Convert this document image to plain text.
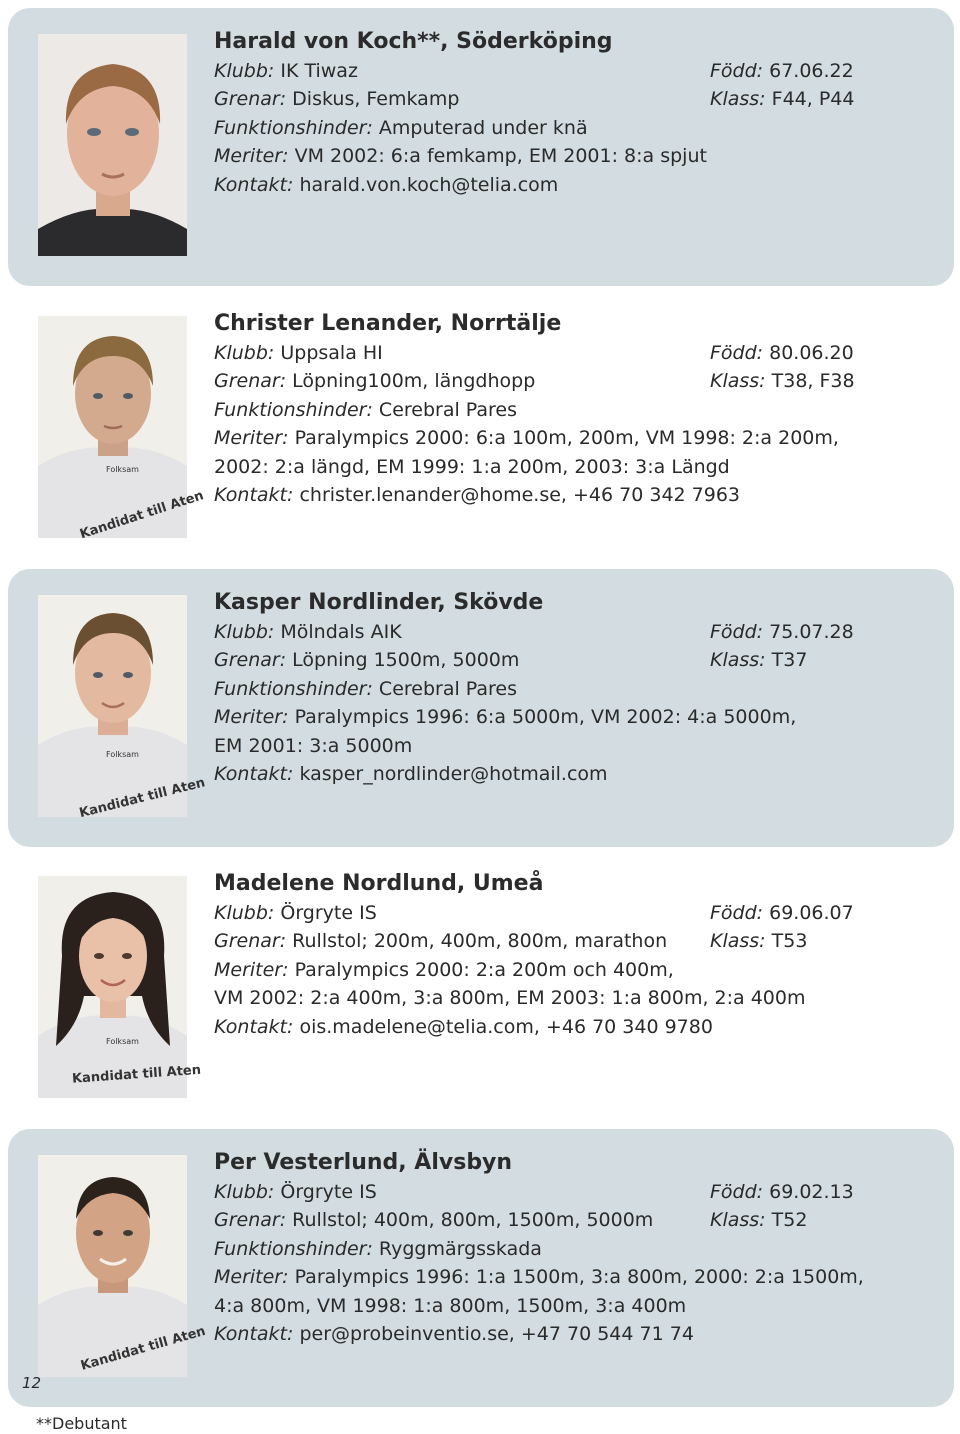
Harald von Koch**, Söderköping
Klubb: IK Tiwaz	Född: 67.06.22
Grenar: Diskus, Femkamp	Klass: F44, P44
Funktionshinder: Amputerad under knä
Meriter: VM 2002: 6:a femkamp, EM 2001: 8:a spjut
Kontakt: harald.von.koch@telia.com
Folksam
Kandidat till Aten
Christer Lenander, Norrtälje
Klubb: Uppsala HI	Född: 80.06.20
Grenar: Löpning100m, längdhopp	Klass: T38, F38
Funktionshinder: Cerebral Pares
Meriter: Paralympics 2000: 6:a 100m, 200m, VM 1998: 2:a 200m,
2002: 2:a längd, EM 1999: 1:a 200m, 2003: 3:a Längd
Kontakt: christer.lenander@home.se, +46 70 342 7963
Folksam
Kandidat till Aten
Kasper Nordlinder, Skövde
Klubb: Mölndals AIK	Född: 75.07.28
Grenar: Löpning 1500m, 5000m	Klass: T37
Funktionshinder: Cerebral Pares
Meriter: Paralympics 1996: 6:a 5000m, VM 2002: 4:a 5000m,
EM 2001: 3:a 5000m
Kontakt: kasper_nordlinder@hotmail.com
Folksam
Kandidat till Aten
Madelene Nordlund, Umeå
Klubb: Örgryte IS	Född: 69.06.07
Grenar: Rullstol; 200m, 400m, 800m, marathon Klass: T53
Meriter: Paralympics 2000: 2:a 200m och 400m,
VM 2002: 2:a 400m, 3:a 800m, EM 2003: 1:a 800m, 2:a 400m
Kontakt: ois.madelene@telia.com, +46 70 340 9780
Kandidat till Aten
Per Vesterlund, Älvsbyn
Klubb: Örgryte IS	Född: 69.02.13
Grenar: Rullstol; 400m, 800m, 1500m, 5000m	Klass: T52
Funktionshinder: Ryggmärgsskada
Meriter: Paralympics 1996: 1:a 1500m, 3:a 800m, 2000: 2:a 1500m,
4:a 800m, VM 1998: 1:a 800m, 1500m, 3:a 400m
Kontakt: per@probeinventio.se, +47 70 544 71 74
12
**Debutant
